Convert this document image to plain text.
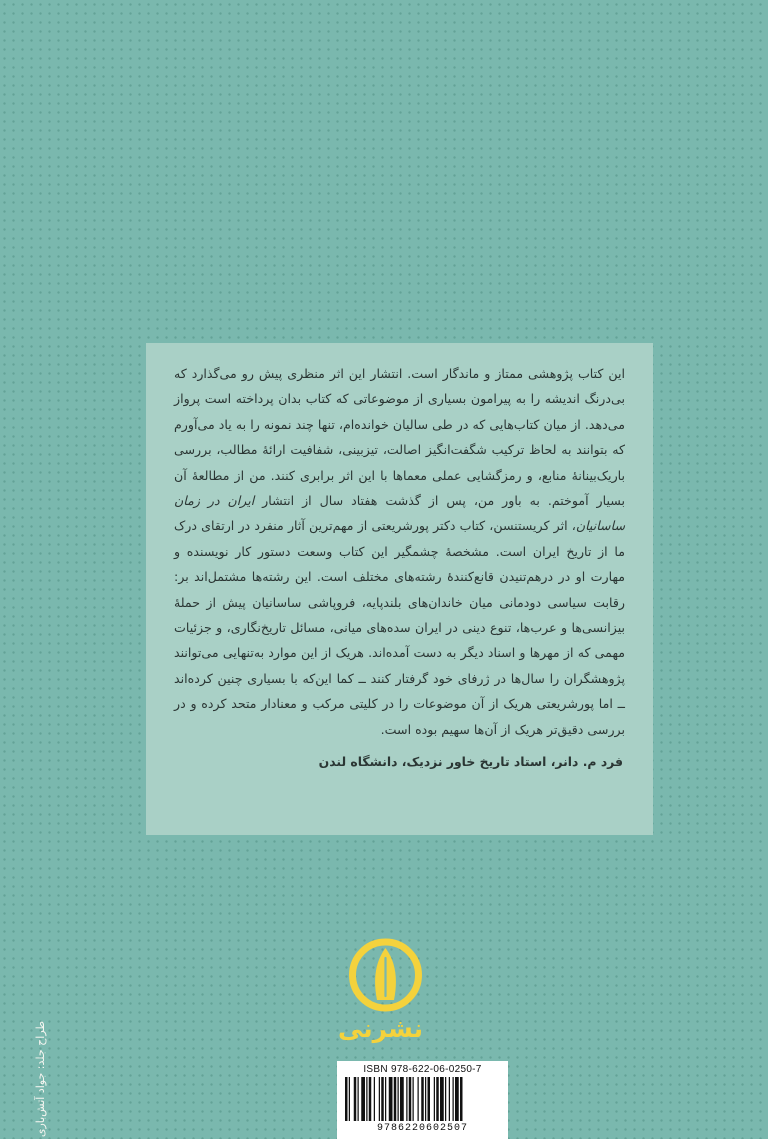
این کتاب پژوهشی ممتاز و ماندگار است. انتشار این اثر منظری پیش رو می‌گذارد که بی‌درنگ اندیشه را به پیرامون بسیاری از موضوعاتی که کتاب بدان پرداخته است پرواز می‌دهد. از میان کتاب‌هایی که در طی سالیان خوانده‌ام، تنها چند نمونه را به یاد می‌آورم که بتوانند به لحاظ ترکیب شگفت‌انگیز اصالت، تیزبینی، شفافیت ارائهٔ مطالب، بررسی باریک‌بینانهٔ منابع، و رمزگشایی عملی معماها با این اثر برابری کنند. من از مطالعهٔ آن بسیار آموختم. به باور من، پس از گذشت هفتاد سال از انتشار ایران در زمان ساسانیان، اثر کریستنسن، کتاب دکتر پورشریعتی از مهم‌ترین آثار منفرد در ارتقای درک ما از تاریخ ایران است. مشخصهٔ چشمگیر این کتاب وسعت دستور کار نویسنده و مهارت او در درهم‌تنیدن قانع‌کنندهٔ رشته‌های مختلف است. این رشته‌ها مشتمل‌اند بر: رقابت سیاسی دودمانی میان خاندان‌های بلندپایه، فروپاشی ساسانیان پیش از حملهٔ بیزانسی‌ها و عرب‌ها، تنوع دینی در ایران سده‌های میانی، مسائل تاریخ‌نگاری، و جزئیات مهمی که از مهرها و اسناد دیگر به دست آمده‌اند. هریک از این موارد به‌تنهایی می‌توانند پژوهشگران را سال‌ها در ژرفای خود گرفتار کنند ــ کما این‌که با بسیاری چنین کرده‌اند ــ اما پورشریعتی هریک از آن موضوعات را در کلیتی مرکب و معنادار متحد کرده و در بررسی دقیق‌تر هریک از آن‌ها سهیم بوده است.

فرد م. دانر، استاد تاریخ خاور نزدیک، دانشگاه لندن
نشرنی
ISBN 978-622-06-0250-7
9786220602507
طراح جلد: جواد آتش‌باری
